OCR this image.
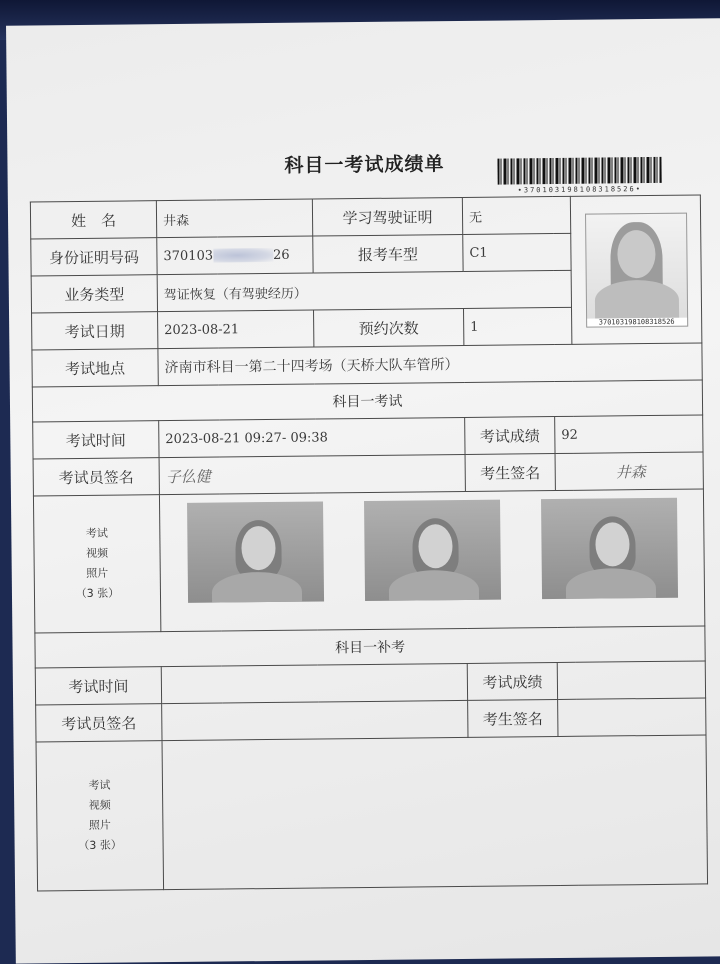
科目一考试成绩单
•370103198108318526•
姓　名	井森	学习驾驶证明	无		370103198108318526

身份证明号码	370103 26	报考车型	C1		
业务类型	驾证恢复（有驾驶经历）				
考试日期	2023-08-21	预约次数	1		
考试地点	济南市科目一第二十四考场（天桥大队车管所）				
科目一考试					
考试时间	2023-08-21 09:27- 09:38		考试成绩	92	
考试员签名	子仫健		考生签名	井森	

考试
视频
照片
（3 张）					

科目一补考					
考试时间			考试成绩		
考试员签名			考生签名		

考试
视频
照片
（3 张）					
